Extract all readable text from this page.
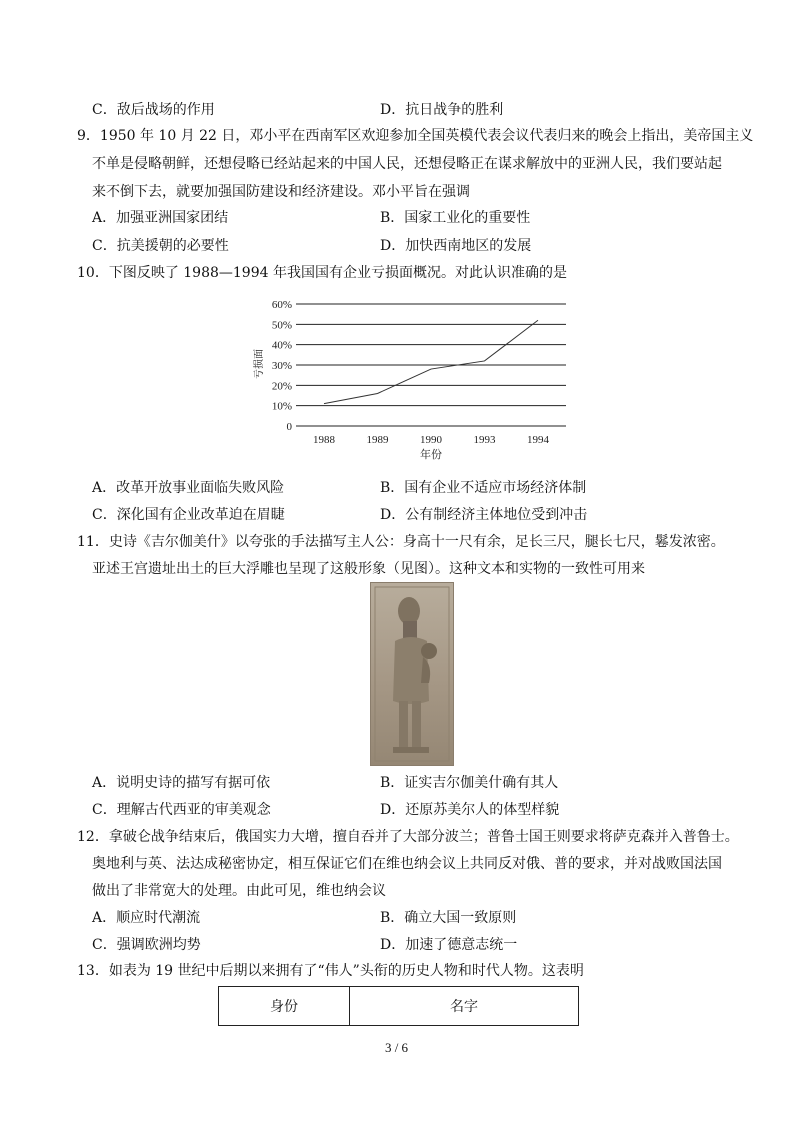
C．敌后战场的作用	D．抗日战争的胜利
9．1950 年 10 月 22 日，邓小平在西南军区欢迎参加全国英模代表会议代表归来的晚会上指出，美帝国主义
不单是侵略朝鲜，还想侵略已经站起来的中国人民，还想侵略正在谋求解放中的亚洲人民，我们要站起
来不倒下去，就要加强国防建设和经济建设。邓小平旨在强调
A．加强亚洲国家团结	B．国家工业化的重要性
C．抗美援朝的必要性	D．加快西南地区的发展
10．下图反映了 1988—1994 年我国国有企业亏损面概况。对此认识准确的是
60%
50%
40%
30%
20%
10%
0
1988	1989	1990	1993	1994
亏损面
年份
A．改革开放事业面临失败风险	B．国有企业不适应市场经济体制
C．深化国有企业改革迫在眉睫	D．公有制经济主体地位受到冲击
11．史诗《吉尔伽美什》以夸张的手法描写主人公：身高十一尺有余，足长三尺，腿长七尺，鬈发浓密。
亚述王宫遗址出土的巨大浮雕也呈现了这般形象（见图）。这种文本和实物的一致性可用来
A．说明史诗的描写有据可依	B．证实吉尔伽美什确有其人
C．理解古代西亚的审美观念	D．还原苏美尔人的体型样貌
12．拿破仑战争结束后，俄国实力大增，擅自吞并了大部分波兰；普鲁士国王则要求将萨克森并入普鲁士。
奥地利与英、法达成秘密协定，相互保证它们在维也纳会议上共同反对俄、普的要求，并对战败国法国
做出了非常宽大的处理。由此可见，维也纳会议
A．顺应时代潮流	B．确立大国一致原则
C．强调欧洲均势	D．加速了德意志统一
13．如表为 19 世纪中后期以来拥有了“伟人”头衔的历史人物和时代人物。这表明
身份	名字
3 / 6
